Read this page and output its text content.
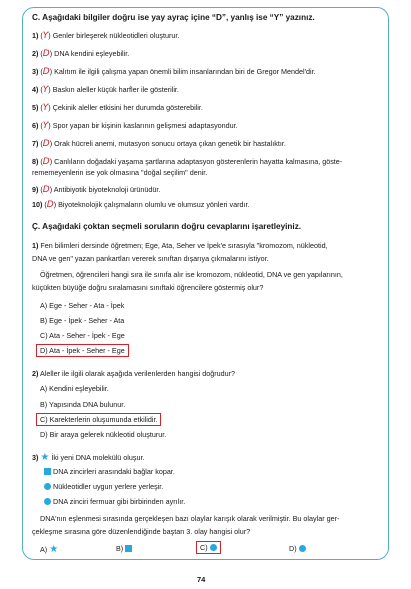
C. Aşağıdaki bilgiler doğru ise yay ayraç içine “D”, yanlış ise “Y” yazınız.
1) (Y) Genler birleşerek nükleotidleri oluşturur.
2) (D) DNA kendini eşleyebilir.
3) (D) Kalıtım ile ilgili çalışma yapan önemli bilim insanlarından biri de Gregor Mendel'dir.
4) (Y) Baskın aleller küçük harfler ile gösterilir.
5) (Y) Çekinik aleller etkisini her durumda gösterebilir.
6) (Y) Spor yapan bir kişinin kaslarının gelişmesi adaptasyondur.
7) (D) Orak hücreli anemi, mutasyon sonucu ortaya çıkan genetik bir hastalıktır.
8) (D) Canlıların doğadaki yaşama şartlarına adaptasyon gösterenlerin hayatta kalmasına, göste-
rememeyenlerin ise yok olmasına "doğal seçilim" denir.
9) (D) Antibiyotik biyoteknoloji ürünüdür.
10) (D) Biyoteknolojik çalışmaların olumlu ve olumsuz yönleri vardır.
Ç. Aşağıdaki çoktan seçmeli soruların doğru cevaplarını işaretleyiniz.
1) Fen bilimleri dersinde öğretmen; Ege, Ata, Seher ve İpek'e sırasıyla "kromozom, nükleotid,
DNA ve gen" yazan pankartları vererek sınıftan dışarıya çıkmalarını istiyor.
Öğretmen, öğrencileri hangi sıra ile sınıfa alır ise kromozom, nükleotid, DNA ve gen yapılarının,
küçükten büyüğe doğru sıralamasını sınıftaki öğrencilere göstermiş olur?
A) Ege - Seher - Ata - İpek
B) Ege - İpek - Seher - Ata
C) Ata - Seher - İpek - Ege
D) Ata - İpek - Seher - Ege
2) Aleller ile ilgili olarak aşağıda verilenlerden hangisi doğrudur?
A) Kendini eşleyebilir.
B) Yapısında DNA bulunur.
C) Karekterlerin oluşumunda etkilidir.
D) Bir araya gelerek nükleotid oluşturur.
3) ★ İki yeni DNA molekülü oluşur.
DNA zincirleri arasındaki bağlar kopar.
Nükleotidler uygun yerlere yerleşir.
DNA zinciri fermuar gibi birbirinden ayrılır.
DNA'nın eşlenmesi sırasında gerçekleşen bazı olaylar karışık olarak verilmiştir. Bu olaylar ger-
çekleşme sırasına göre düzenlendiğinde baştan 3. olay hangisi olur?
A) ★	B)	C)	D)
74
